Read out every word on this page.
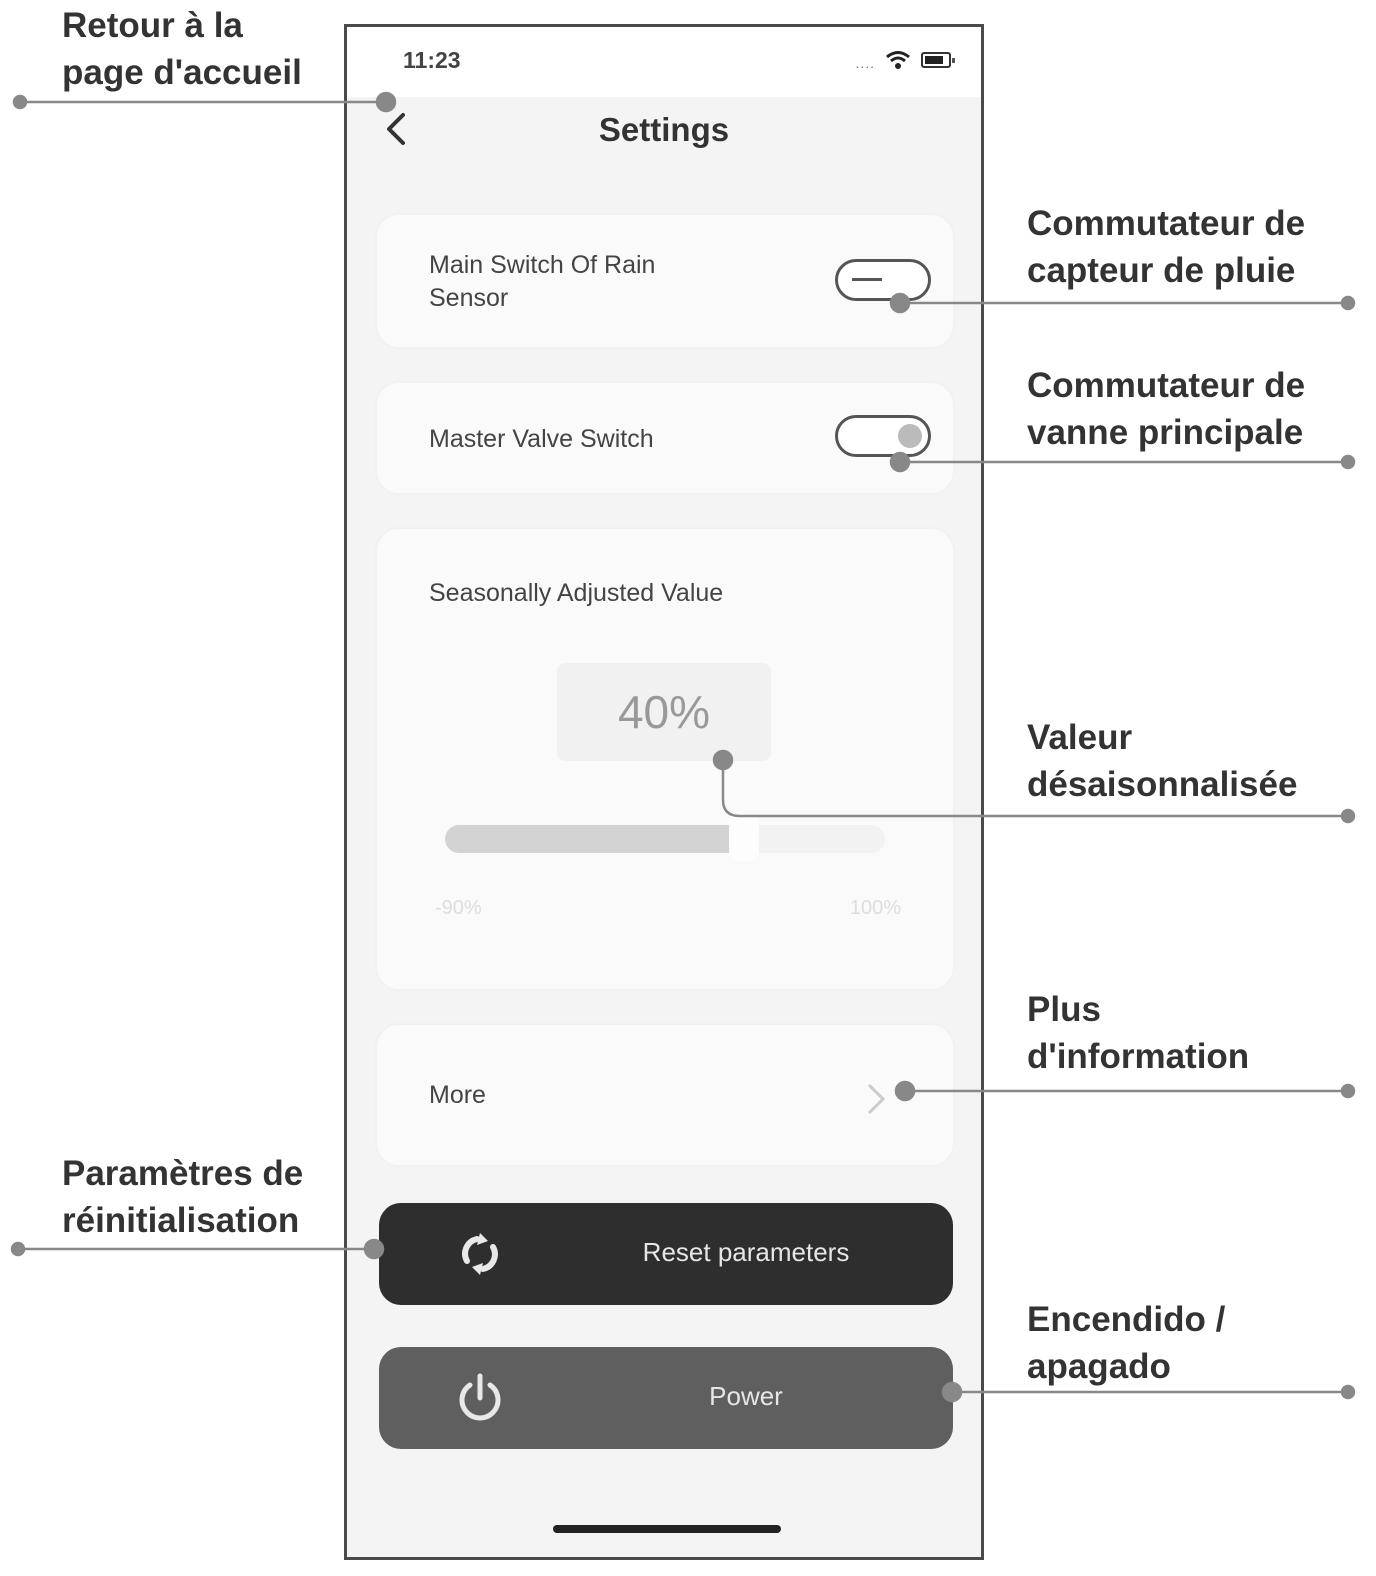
11:23	....
Settings
Main Switch Of Rain
Sensor
Master Valve Switch
Seasonally Adjusted Value
40%
-90%	100%
More
Reset parameters
Power
Retour à la
page d'accueil
Commutateur de
capteur de pluie
Commutateur de
vanne principale
Valeur
désaisonnalisée
Plus
d'information
Paramètres de
réinitialisation
Encendido /
apagado
